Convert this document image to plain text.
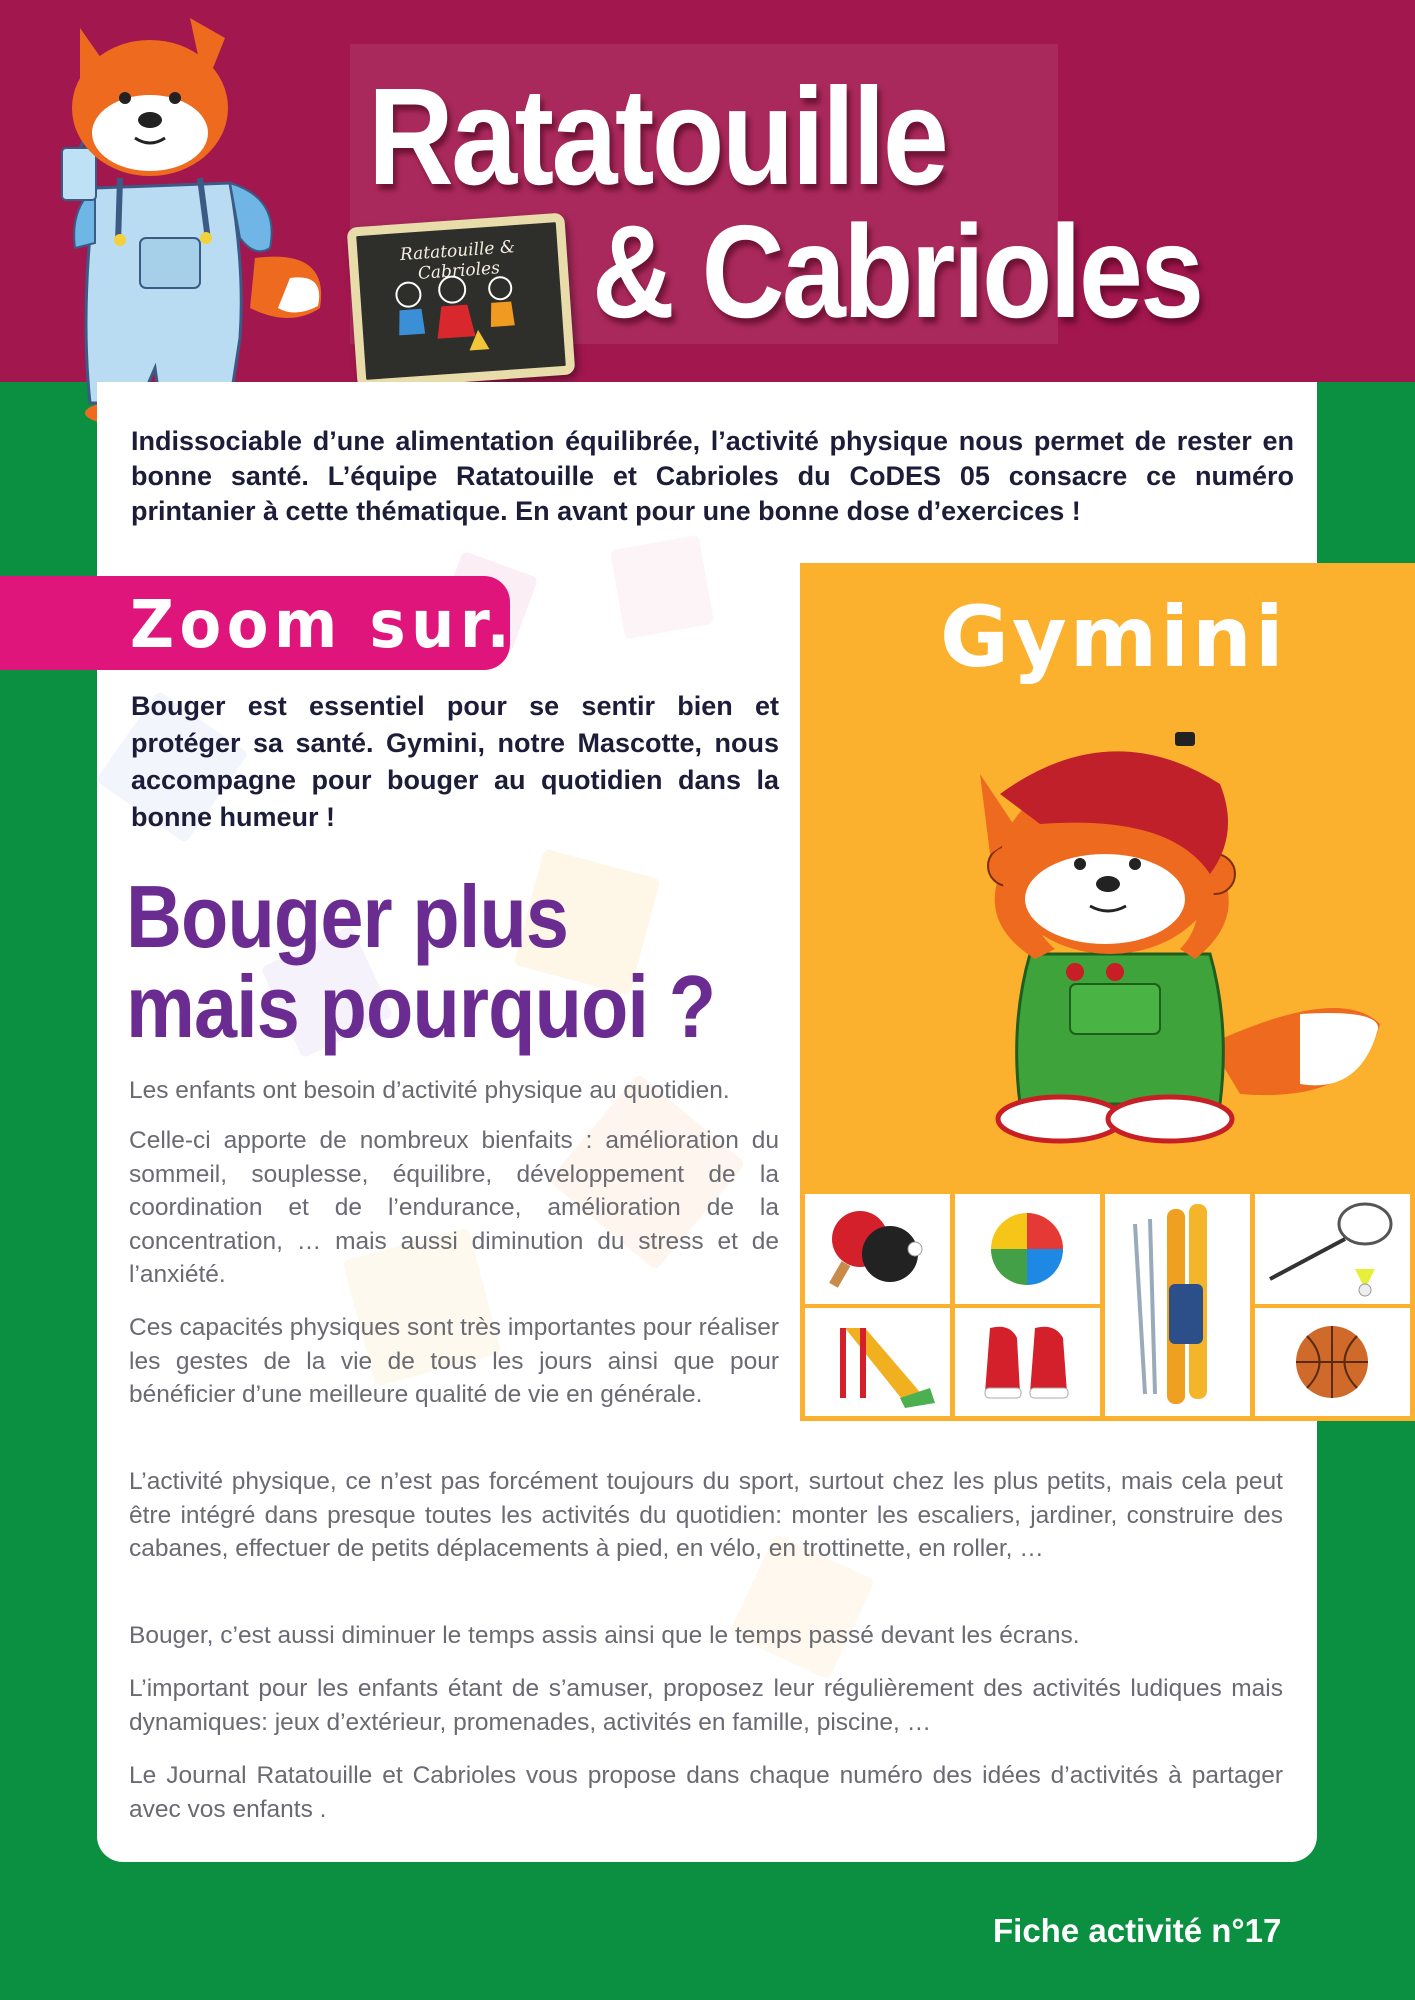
Ratatouille
& Cabrioles
Ratatouille & Cabrioles
Indissociable d’une alimentation équilibrée, l’activité physique nous permet de rester en bonne santé. L’équipe Ratatouille et Cabrioles du CoDES 05 consacre ce numéro printanier à cette thématique. En avant pour une bonne dose d’exercices !
Zoom sur...
Bouger est essentiel pour se sentir bien et protéger sa santé. Gymini, notre Mascotte, nous accompagne pour bouger au quotidien dans la bonne humeur !
Bouger plus
mais pourquoi ?
Les enfants ont besoin d’activité physique au quotidien.
Celle-ci apporte de nombreux bienfaits : amélioration du sommeil, souplesse, équilibre, développement de la coordination et de l’endurance, amélioration de la concentration, … mais aussi diminution du stress et de l’anxiété.
Ces capacités physiques sont très importantes pour réaliser les gestes de la vie de tous les jours ainsi que pour bénéficier d’une meilleure qualité de vie en générale.
L’activité physique, ce n’est pas forcément toujours du sport, surtout chez les plus petits, mais cela peut être intégré dans presque toutes les activités du quotidien: monter les escaliers, jardiner, construire des cabanes, effectuer de petits déplacements à pied, en vélo, en trottinette, en roller, …
Bouger, c’est aussi diminuer le temps assis ainsi que le temps passé devant les écrans.
L’important pour les enfants étant de s’amuser, proposez leur régulièrement des activités ludiques mais dynamiques: jeux d’extérieur, promenades, activités en famille, piscine, …
Le Journal Ratatouille et Cabrioles vous propose dans chaque numéro des idées d’activités à partager avec vos enfants .
Gymini
Fiche activité n°17
